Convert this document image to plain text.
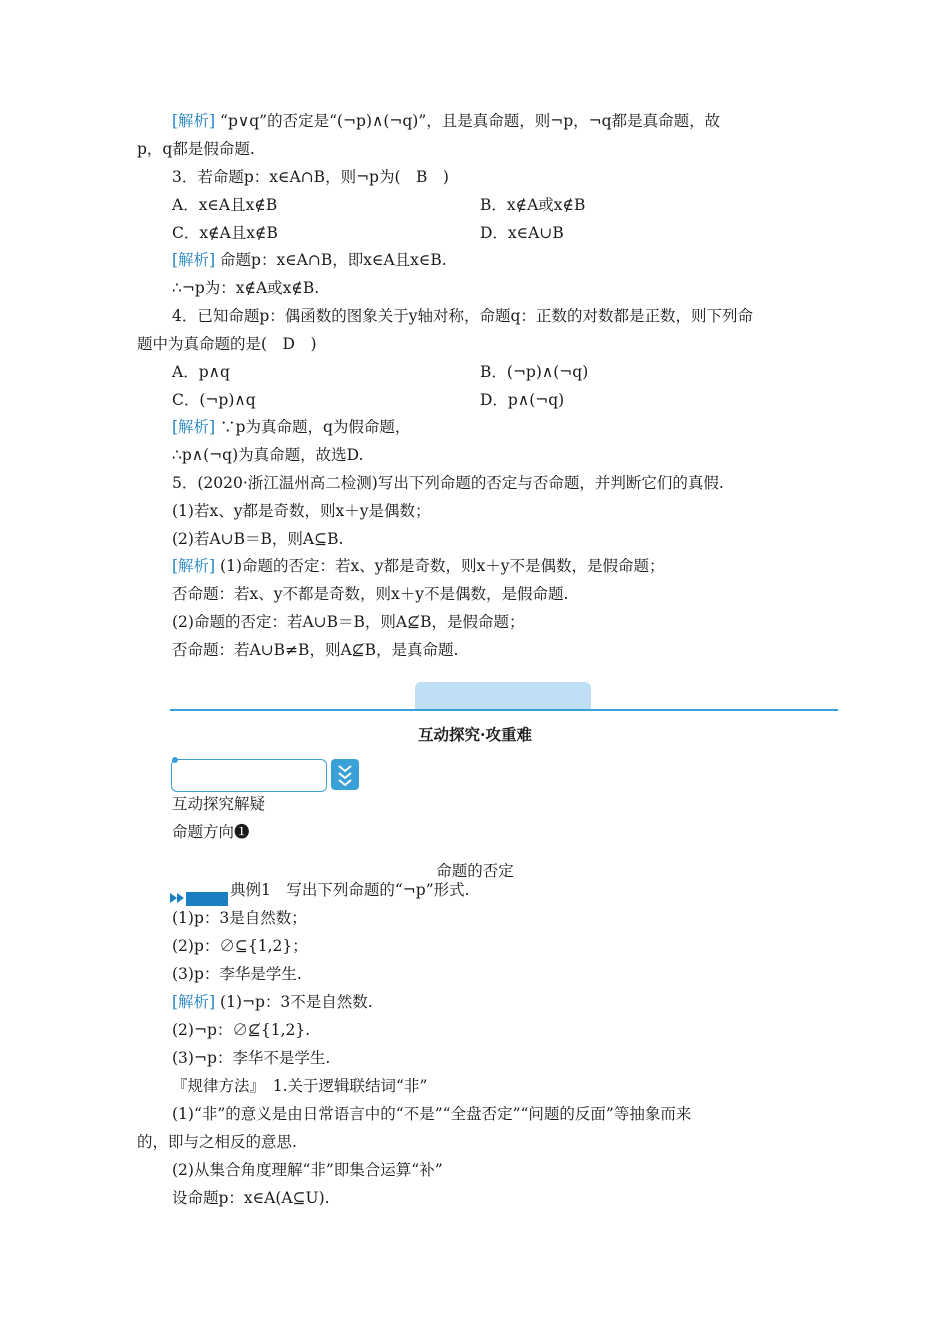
[解析] “p∨q”的否定是“(¬p)∧(¬q)”，且是真命题，则¬p，¬q都是真命题，故
p，q都是假命题.
3．若命题p：x∈A∩B，则¬p为(　B　)
[解析] 命题p：x∈A∩B，即x∈A且x∈B.
∴¬p为：x∉A或x∉B.
4．已知命题p：偶函数的图象关于y轴对称，命题q：正数的对数都是正数，则下列命
题中为真命题的是(　D　)
[解析] ∵p为真命题，q为假命题，
∴p∧(¬q)为真命题，故选D.
5．(2020·浙江温州高二检测)写出下列命题的否定与否命题，并判断它们的真假.
(1)若x、y都是奇数，则x＋y是偶数；
(2)若A∪B＝B，则A⊆B.
[解析] (1)命题的否定：若x、y都是奇数，则x＋y不是偶数，是假命题；
否命题：若x、y不都是奇数，则x＋y不是偶数，是假命题.
(2)命题的否定：若A∪B＝B，则A⊈B，是假命题；
否命题：若A∪B≠B，则A⊈B，是真命题.
互动探究解疑
命题方向❶
典例1　写出下列命题的“¬p”形式.
(1)p：3是自然数；
(2)p：∅⊆{1,2}；
(3)p：李华是学生.
[解析] (1)¬p：3不是自然数.
(2)¬p：∅⊈{1,2}.
(3)¬p：李华不是学生.
『规律方法』　1.关于逻辑联结词“非”
(1)“非”的意义是由日常语言中的“不是”“全盘否定”“问题的反面”等抽象而来
的，即与之相反的意思.
(2)从集合角度理解“非”即集合运算“补”
设命题p：x∈A(A⊆U).
A．x∈A且x∉B	B．x∉A或x∉B
C．x∉A且x∉B	D．x∈A∪B
A．p∧q	B．(¬p)∧(¬q)
C．(¬p)∧q	D．p∧(¬q)
互动探究·攻重难
命题的否定
